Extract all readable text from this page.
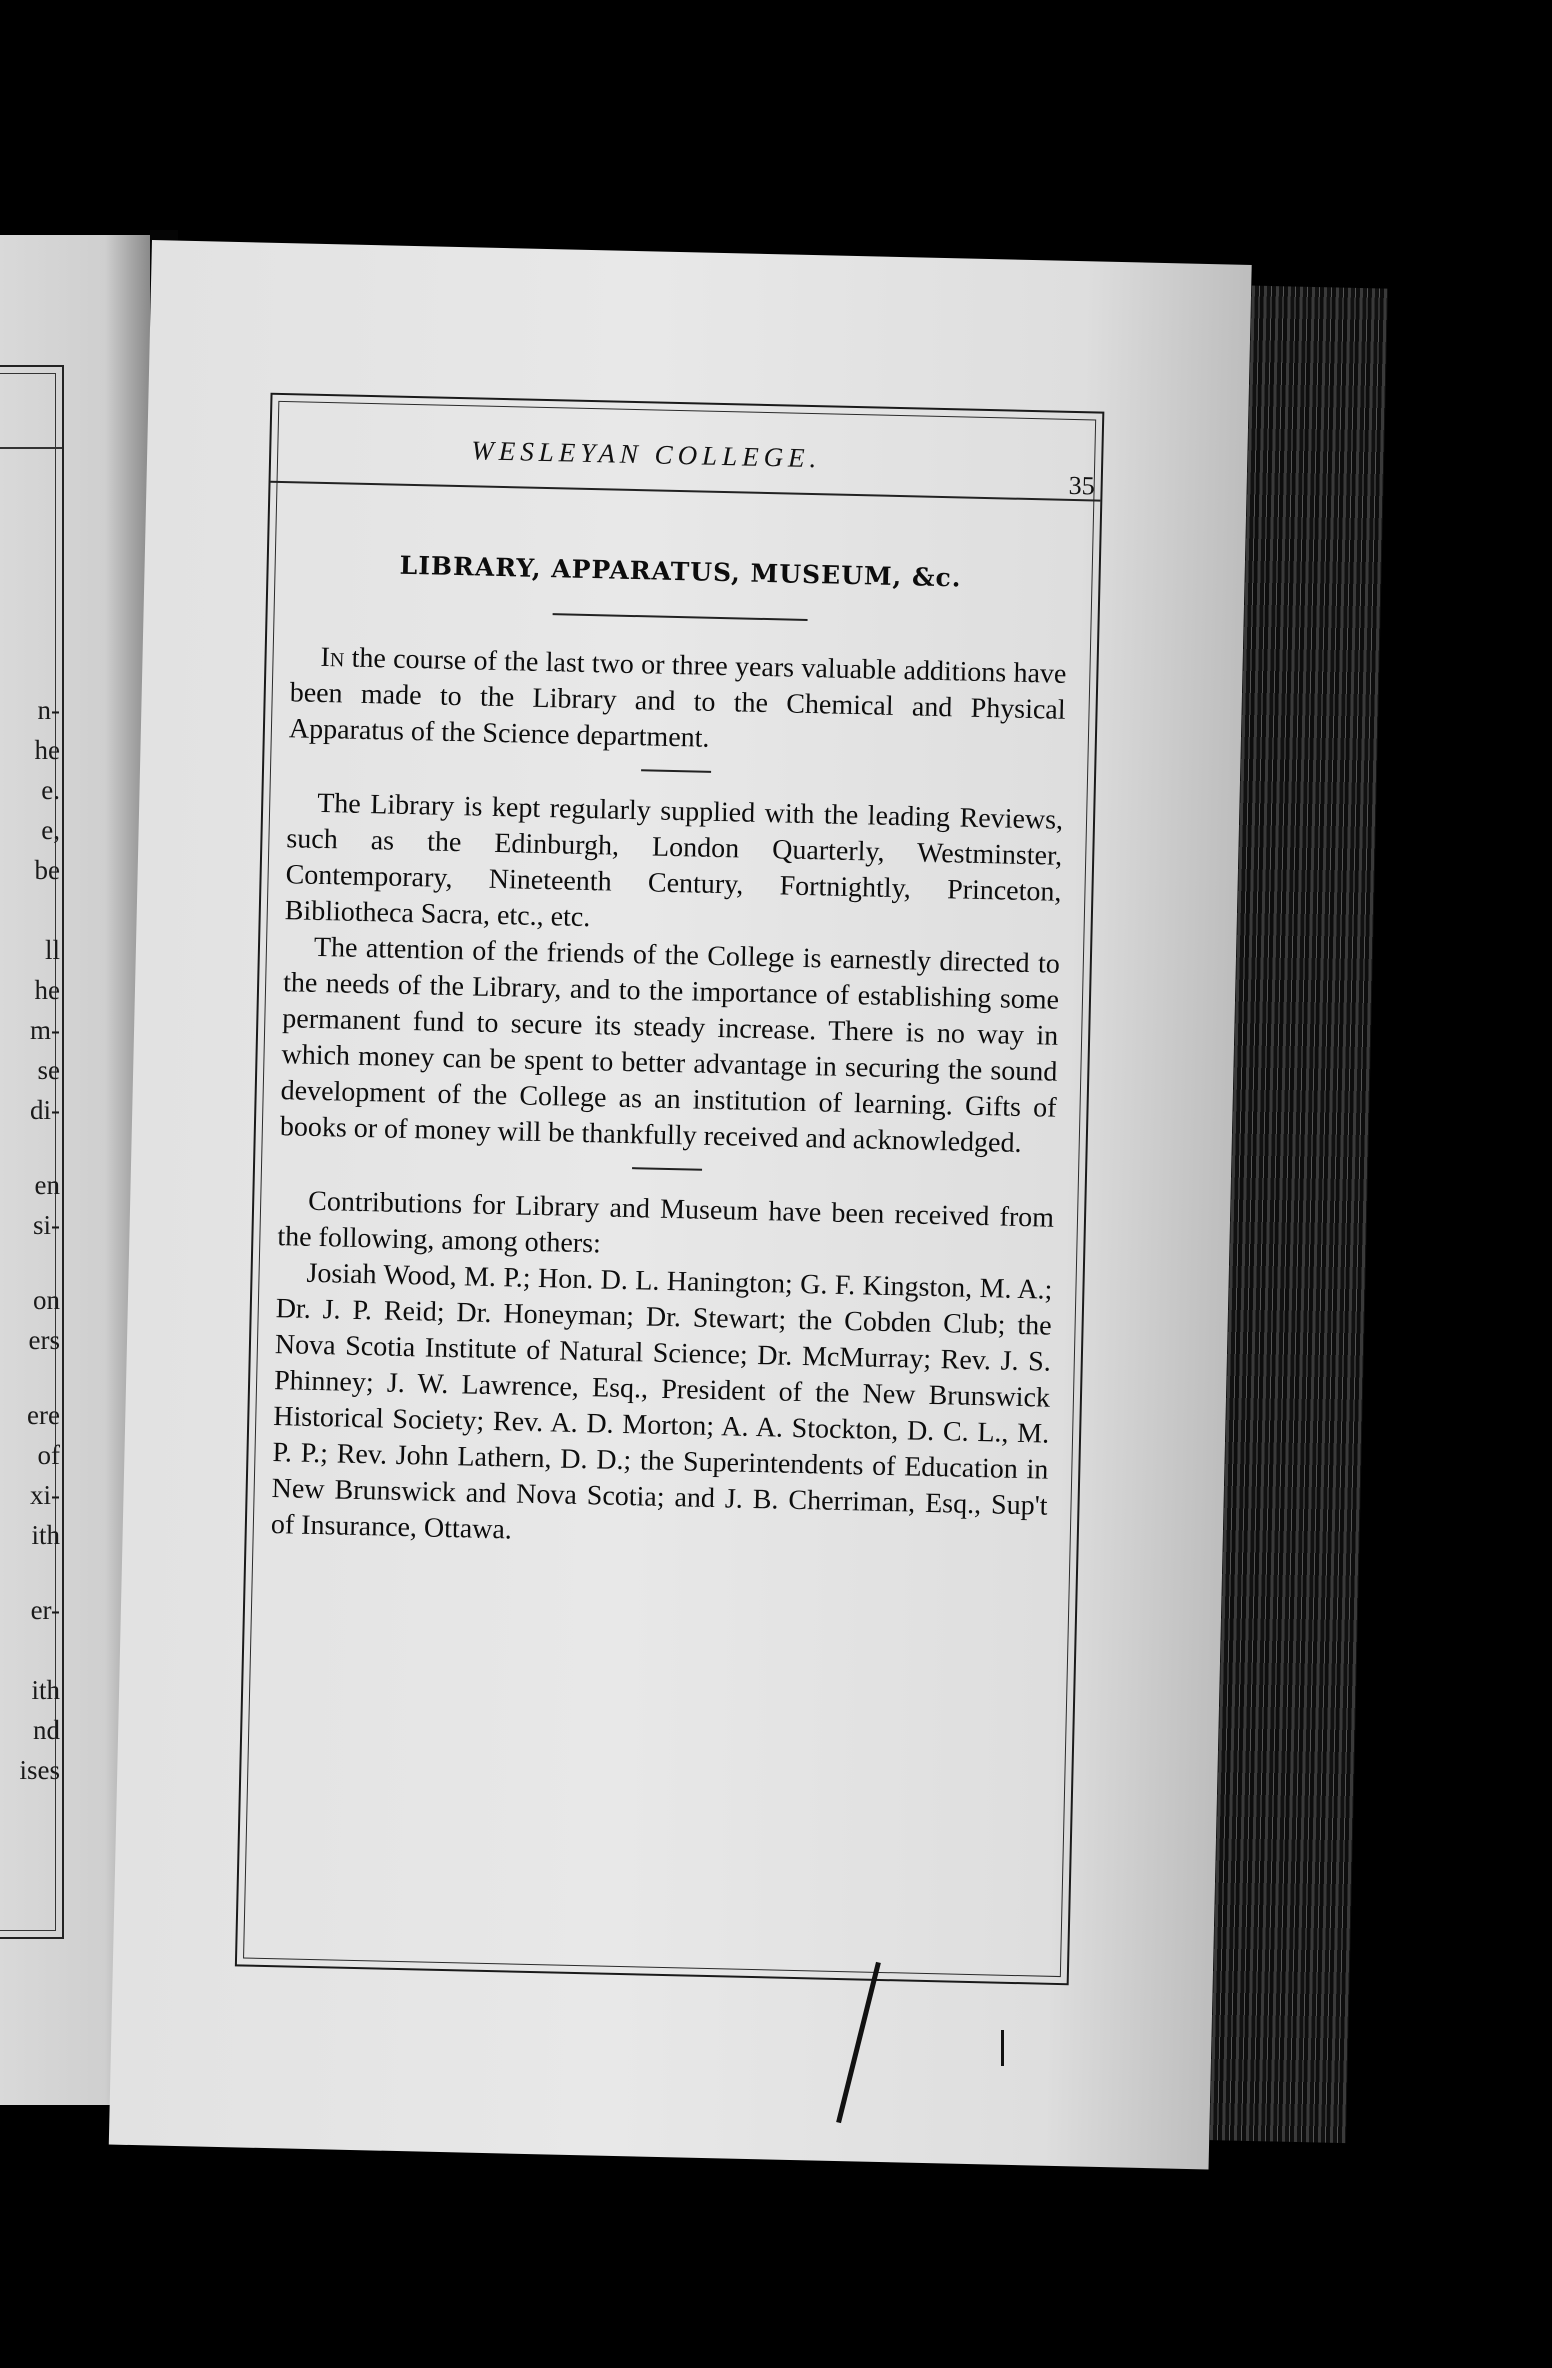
n-
he
e.
e,
be
ll
he
m-
se
di-
en
si-
on
ers
ere
of
xi-
ith
er-
ith
nd
ises
WESLEYAN COLLEGE.
35
LIBRARY, APPARATUS, MUSEUM, &c.

In the course of the last two or three years valuable additions have been made to the Library and to the Chemical and Physical Apparatus of the Science department.

The Library is kept regularly supplied with the leading Reviews, such as the Edinburgh, London Quarterly, Westminster, Contemporary, Nineteenth Century, Fortnightly, Princeton, Bibliotheca Sacra, etc., etc.

The attention of the friends of the College is earnestly directed to the needs of the Library, and to the importance of establishing some permanent fund to secure its steady increase. There is no way in which money can be spent to better advantage in securing the sound development of the College as an institution of learning. Gifts of books or of money will be thankfully received and acknowledged.

Contributions for Library and Museum have been received from the following, among others:

Josiah Wood, M. P.; Hon. D. L. Hanington; G. F. Kingston, M. A.; Dr. J. P. Reid; Dr. Honeyman; Dr. Stewart; the Cobden Club; the Nova Scotia Institute of Natural Science; Dr. McMurray; Rev. J. S. Phinney; J. W. Lawrence, Esq., President of the New Brunswick Historical Society; Rev. A. D. Morton; A. A. Stockton, D. C. L., M. P. P.; Rev. John Lathern, D. D.; the Superintendents of Education in New Brunswick and Nova Scotia; and J. B. Cherriman, Esq., Sup't of Insurance, Ottawa.
